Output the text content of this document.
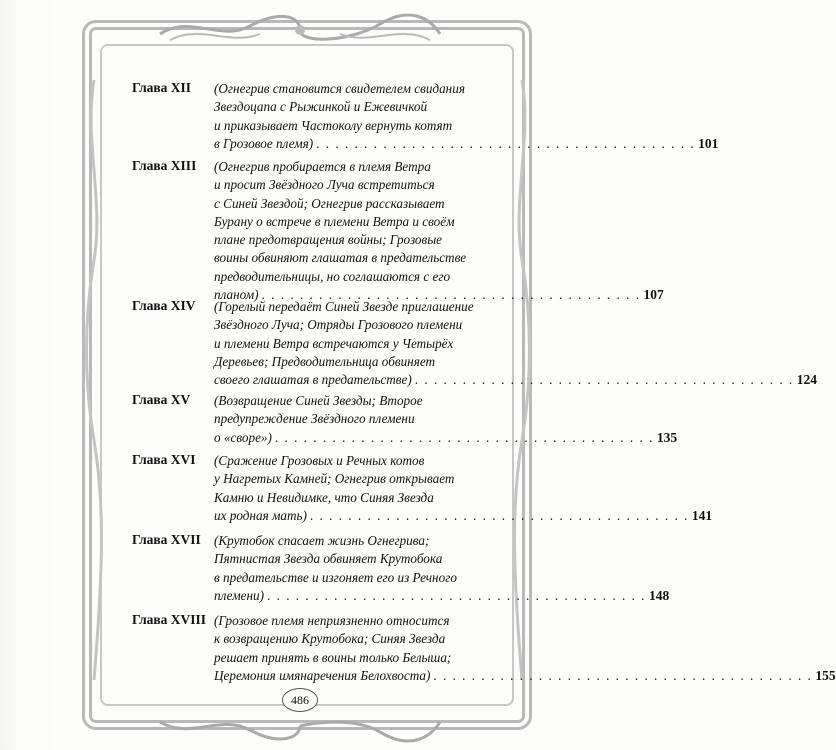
Глава XII (Огнегрив становится свидетелем свидания
Звездоцапа с Рыжинкой и Ежевичкой
и приказывает Частоколу вернуть котят
в Грозовое племя) . . . . . . . . . . . . . . . . . . . . . . . . . . . . . . . . . . . . . . . . 101
Глава XIII (Огнегрив пробирается в племя Ветра
и просит Звёздного Луча встретиться
с Синей Звездой; Огнегрив рассказывает
Бурану о встрече в племени Ветра и своём
плане предотвращения войны; Грозовые
воины обвиняют глашатая в предательстве
предводительницы, но соглашаются с его
планом) . . . . . . . . . . . . . . . . . . . . . . . . . . . . . . . . . . . . . . . . 107
Глава XIV (Горелый передаёт Синей Звезде приглашение
Звёздного Луча; Отряды Грозового племени
и племени Ветра встречаются у Четырёх
Деревьев; Предводительница обвиняет
своего глашатая в предательстве) . . . . . . . . . . . . . . . . . . . . . . . . . . . . . . . . . . . . . . . . 124
Глава XV (Возвращение Синей Звезды; Второе
предупреждение Звёздного племени
о «своре») . . . . . . . . . . . . . . . . . . . . . . . . . . . . . . . . . . . . . . . . 135
Глава XVI (Сражение Грозовых и Речных котов
у Нагретых Камней; Огнегрив открывает
Камню и Невидимке, что Синяя Звезда
их родная мать) . . . . . . . . . . . . . . . . . . . . . . . . . . . . . . . . . . . . . . . . 141
Глава XVII (Крутобок спасает жизнь Огнегрива;
Пятнистая Звезда обвиняет Крутобока
в предательстве и изгоняет его из Речного
племени) . . . . . . . . . . . . . . . . . . . . . . . . . . . . . . . . . . . . . . . . 148
Глава XVIII (Грозовое племя неприязненно относится
к возвращению Крутобока; Синяя Звезда
решает принять в воины только Белыша;
Церемония имянаречения Белохвоста) . . . . . . . . . . . . . . . . . . . . . . . . . . . . . . . . . . . . . . . . 155
486
